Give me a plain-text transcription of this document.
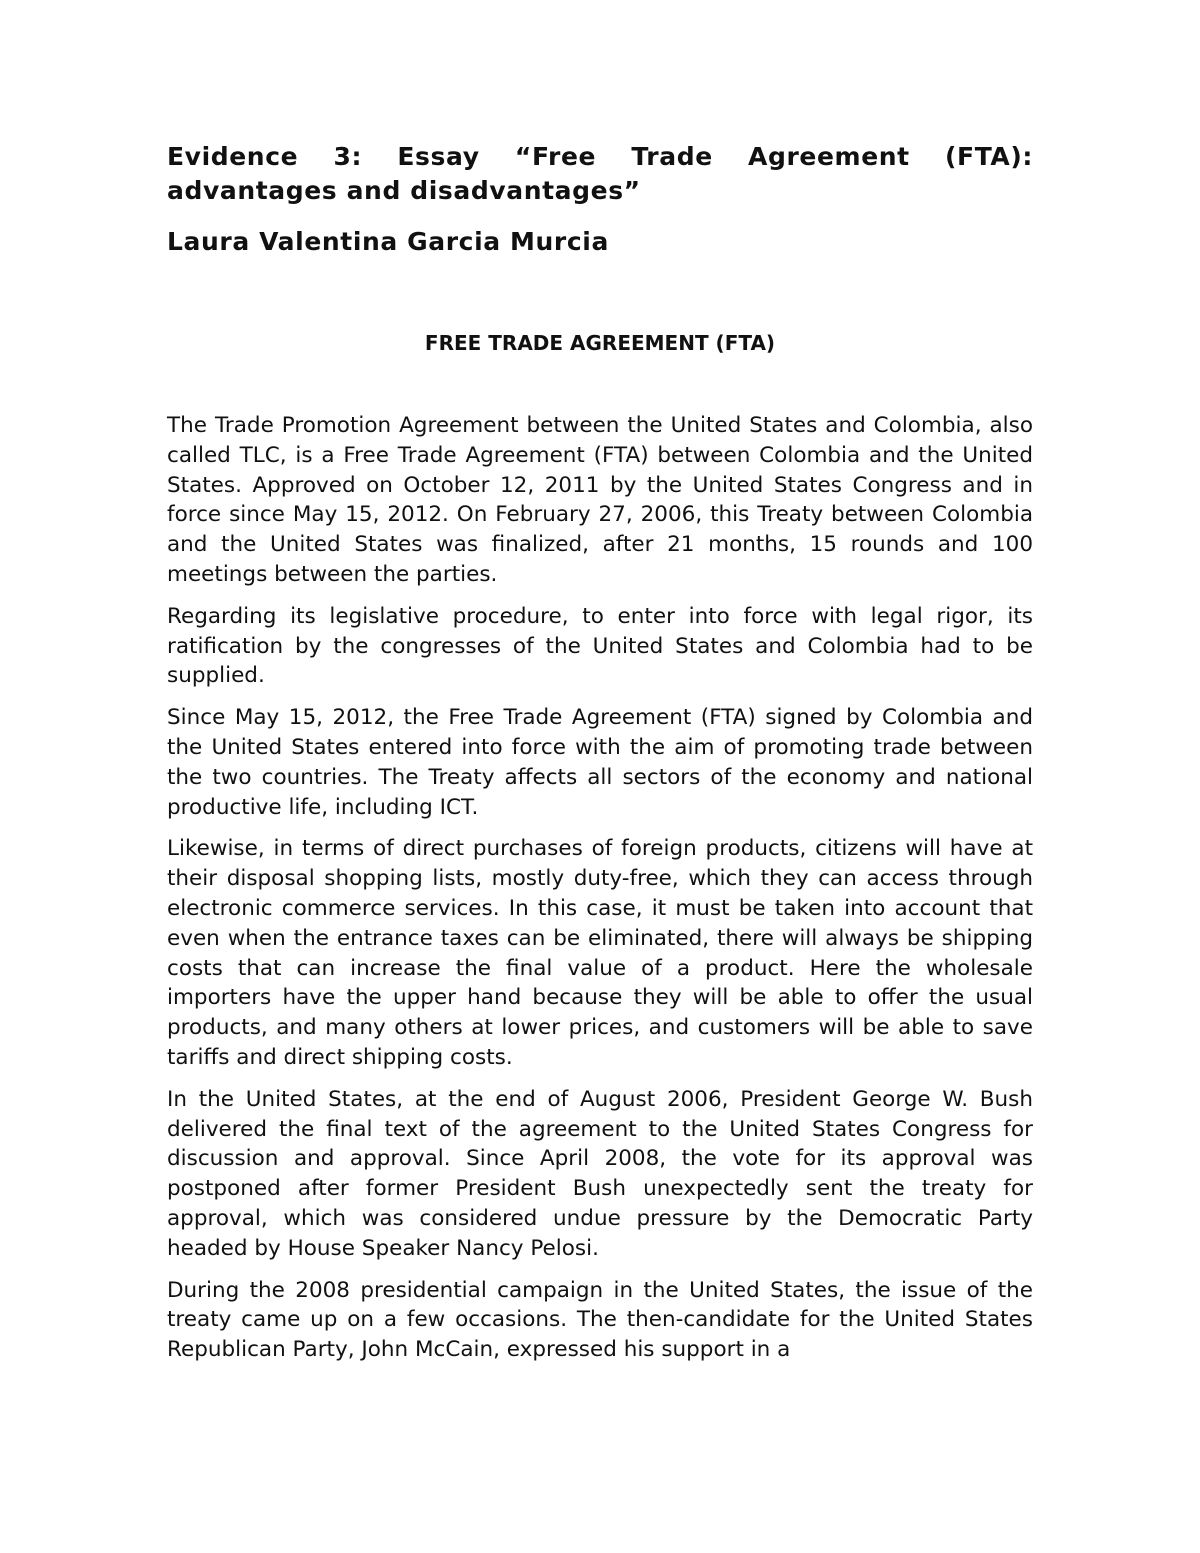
Evidence 3: Essay “Free Trade Agreement (FTA): advantages and disadvantages”
Laura Valentina Garcia Murcia
FREE TRADE AGREEMENT (FTA)

The Trade Promotion Agreement between the United States and Colombia, also called TLC, is a Free Trade Agreement (FTA) between Colombia and the United States. Approved on October 12, 2011 by the United States Congress and in force since May 15, 2012. On February 27, 2006, this Treaty between Colombia and the United States was finalized, after 21 months, 15 rounds and 100 meetings between the parties.

Regarding its legislative procedure, to enter into force with legal rigor, its ratification by the congresses of the United States and Colombia had to be supplied.

Since May 15, 2012, the Free Trade Agreement (FTA) signed by Colombia and the United States entered into force with the aim of promoting trade between the two countries. The Treaty affects all sectors of the economy and national productive life, including ICT.

Likewise, in terms of direct purchases of foreign products, citizens will have at their disposal shopping lists, mostly duty-free, which they can access through electronic commerce services. In this case, it must be taken into account that even when the entrance taxes can be eliminated, there will always be shipping costs that can increase the final value of a product. Here the wholesale importers have the upper hand because they will be able to offer the usual products, and many others at lower prices, and customers will be able to save tariffs and direct shipping costs.

In the United States, at the end of August 2006, President George W. Bush delivered the final text of the agreement to the United States Congress for discussion and approval. Since April 2008, the vote for its approval was postponed after former President Bush unexpectedly sent the treaty for approval, which was considered undue pressure by the Democratic Party headed by House Speaker Nancy Pelosi.

During the 2008 presidential campaign in the United States, the issue of the treaty came up on a few occasions. The then-candidate for the United States Republican Party, John McCain, expressed his support in a
